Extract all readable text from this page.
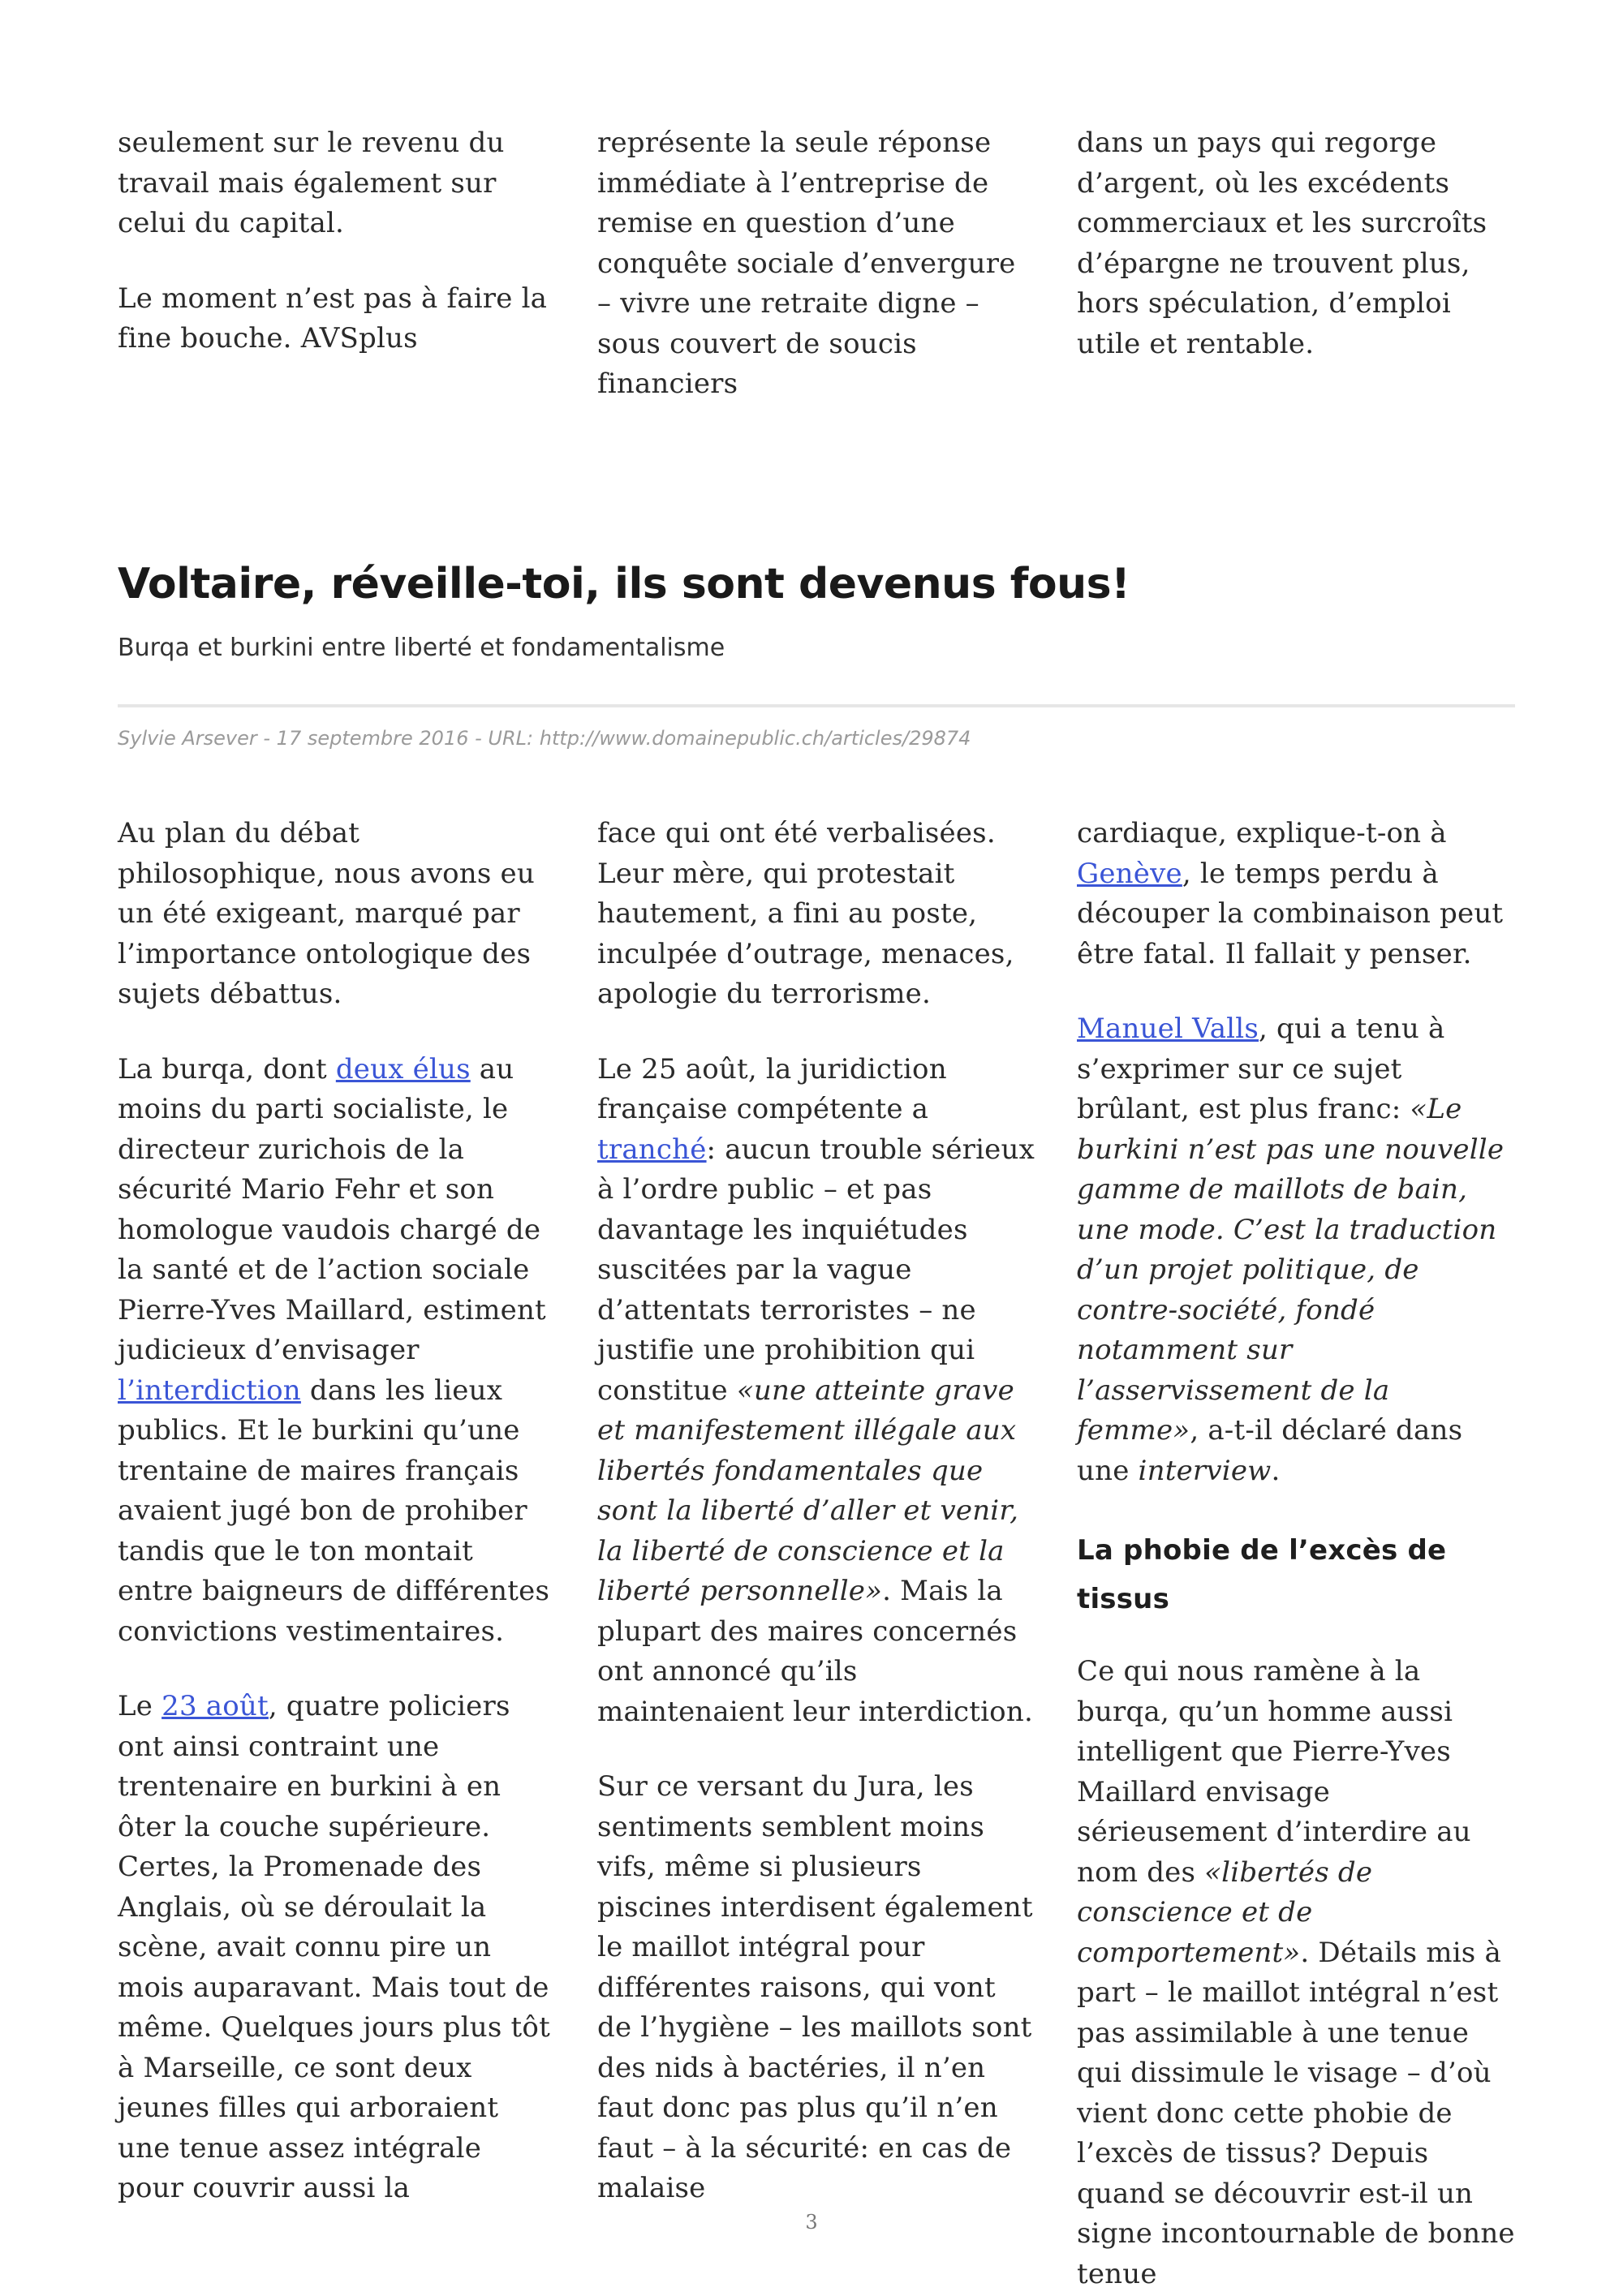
seulement sur le revenu du travail mais également sur celui du capital.

Le moment n’est pas à faire la fine bouche. AVSplus

représente la seule réponse immédiate à l’entreprise de remise en question d’une conquête sociale d’envergure – vivre une retraite digne – sous couvert de soucis financiers

dans un pays qui regorge d’argent, où les excédents commerciaux et les surcroîts d’épargne ne trouvent plus, hors spéculation, d’emploi utile et rentable.

Voltaire, réveille-toi, ils sont devenus fous!

Burqa et burkini entre liberté et fondamentalisme

Sylvie Arsever - 17 septembre 2016 - URL: http://www.domainepublic.ch/articles/29874

Au plan du débat philosophique, nous avons eu un été exigeant, marqué par l’importance ontologique des sujets débattus.

La burqa, dont deux élus au moins du parti socialiste, le directeur zurichois de la sécurité Mario Fehr et son homologue vaudois chargé de la santé et de l’action sociale Pierre-Yves Maillard, estiment judicieux d’envisager l’interdiction dans les lieux publics. Et le burkini qu’une trentaine de maires français avaient jugé bon de prohiber tandis que le ton montait entre baigneurs de différentes convictions vestimentaires.

Le 23 août, quatre policiers ont ainsi contraint une trentenaire en burkini à en ôter la couche supérieure. Certes, la Promenade des Anglais, où se déroulait la scène, avait connu pire un mois auparavant. Mais tout de même. Quelques jours plus tôt à Marseille, ce sont deux jeunes filles qui arboraient une tenue assez intégrale pour couvrir aussi la

face qui ont été verbalisées. Leur mère, qui protestait hautement, a fini au poste, inculpée d’outrage, menaces, apologie du terrorisme.

Le 25 août, la juridiction française compétente a tranché: aucun trouble sérieux à l’ordre public – et pas davantage les inquiétudes suscitées par la vague d’attentats terroristes – ne justifie une prohibition qui constitue «une atteinte grave et manifestement illégale aux libertés fondamentales que sont la liberté d’aller et venir, la liberté de conscience et la liberté personnelle». Mais la plupart des maires concernés ont annoncé qu’ils maintenaient leur interdiction.

Sur ce versant du Jura, les sentiments semblent moins vifs, même si plusieurs piscines interdisent également le maillot intégral pour différentes raisons, qui vont de l’hygiène – les maillots sont des nids à bactéries, il n’en faut donc pas plus qu’il n’en faut – à la sécurité: en cas de malaise

cardiaque, explique-t-on à Genève, le temps perdu à découper la combinaison peut être fatal. Il fallait y penser.

Manuel Valls, qui a tenu à s’exprimer sur ce sujet brûlant, est plus franc: «Le burkini n’est pas une nouvelle gamme de maillots de bain, une mode. C’est la traduction d’un projet politique, de contre-société, fondé notamment sur l’asservissement de la femme», a-t-il déclaré dans une interview.

La phobie de l’excès de tissus

Ce qui nous ramène à la burqa, qu’un homme aussi intelligent que Pierre-Yves Maillard envisage sérieusement d’interdire au nom des «libertés de conscience et de comportement». Détails mis à part – le maillot intégral n’est pas assimilable à une tenue qui dissimule le visage – d’où vient donc cette phobie de l’excès de tissus? Depuis quand se découvrir est-il un signe incontournable de bonne tenue

3
